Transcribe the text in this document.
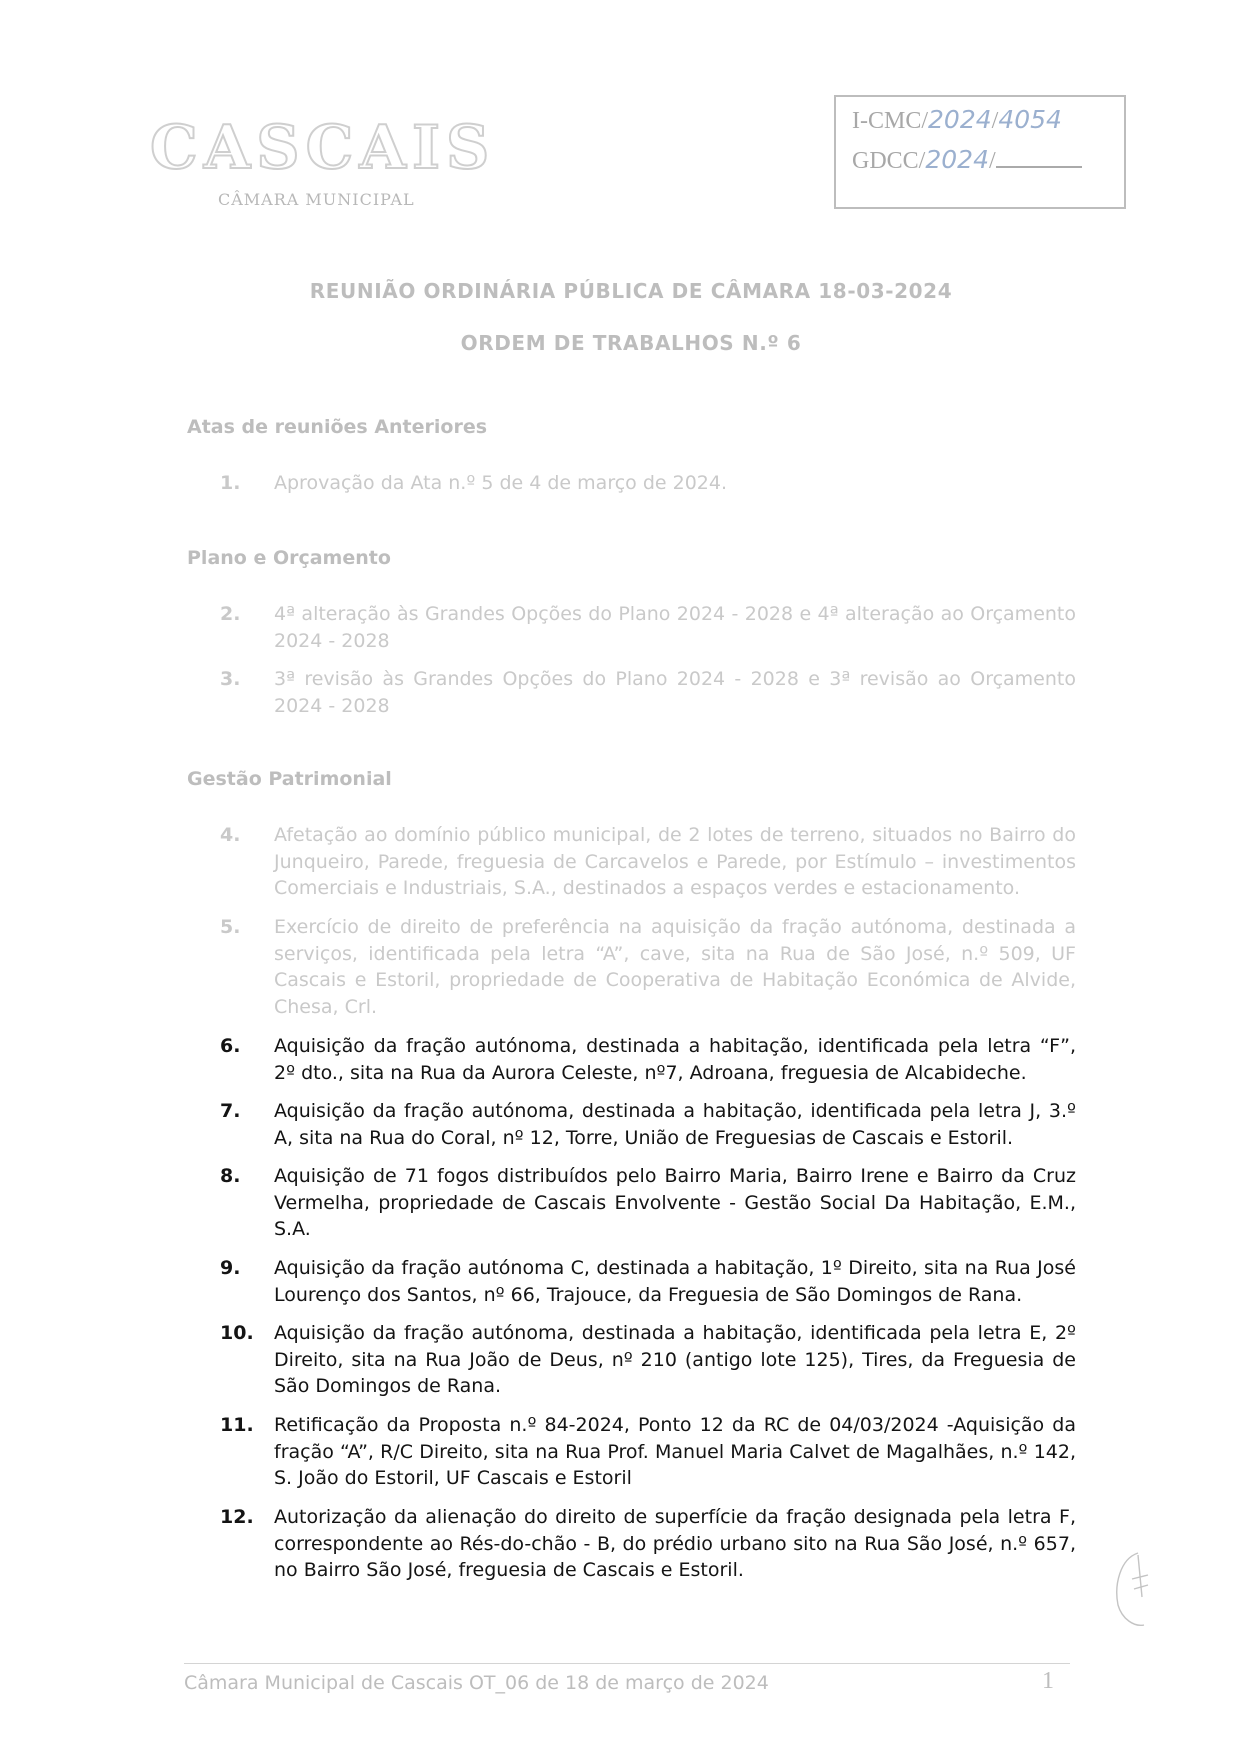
CASCAIS
CÂMARA MUNICIPAL
I-CMC/2024/4054
GDCC/2024/
REUNIÃO ORDINÁRIA PÚBLICA DE CÂMARA 18-03-2024
ORDEM DE TRABALHOS N.º 6
Atas de reuniões Anteriores
1.	Aprovação da Ata n.º 5 de 4 de março de 2024.
Plano e Orçamento
2.	4ª alteração às Grandes Opções do Plano 2024 - 2028 e 4ª alteração ao Orçamento 2024 - 2028
3.	3ª revisão às Grandes Opções do Plano 2024 - 2028 e 3ª revisão ao Orçamento 2024 - 2028
Gestão Patrimonial
4.	Afetação ao domínio público municipal, de 2 lotes de terreno, situados no Bairro do Junqueiro, Parede, freguesia de Carcavelos e Parede, por Estímulo – investimentos Comerciais e Industriais, S.A., destinados a espaços verdes e estacionamento.
5.	Exercício de direito de preferência na aquisição da fração autónoma, destinada a serviços, identificada pela letra “A”, cave, sita na Rua de São José, n.º 509, UF Cascais e Estoril, propriedade de Cooperativa de Habitação Económica de Alvide, Chesa, Crl.
6.	Aquisição da fração autónoma, destinada a habitação, identificada pela letra “F”, 2º dto., sita na Rua da Aurora Celeste, nº7, Adroana, freguesia de Alcabideche.
7.	Aquisição da fração autónoma, destinada a habitação, identificada pela letra J, 3.º A, sita na Rua do Coral, nº 12, Torre, União de Freguesias de Cascais e Estoril.
8.	Aquisição de 71 fogos distribuídos pelo Bairro Maria, Bairro Irene e Bairro da Cruz Vermelha, propriedade de Cascais Envolvente - Gestão Social Da Habitação, E.M., S.A.
9.	Aquisição da fração autónoma C, destinada a habitação, 1º Direito, sita na Rua José Lourenço dos Santos, nº 66, Trajouce, da Freguesia de São Domingos de Rana.
10.	Aquisição da fração autónoma, destinada a habitação, identificada pela letra E, 2º Direito, sita na Rua João de Deus, nº 210 (antigo lote 125), Tires, da Freguesia de São Domingos de Rana.
11.	Retificação da Proposta n.º 84-2024, Ponto 12 da RC de 04/03/2024 -Aquisição da fração “A”, R/C Direito, sita na Rua Prof. Manuel Maria Calvet de Magalhães, n.º 142, S. João do Estoril, UF Cascais e Estoril
12.	Autorização da alienação do direito de superfície da fração designada pela letra F, correspondente ao Rés-do-chão - B, do prédio urbano sito na Rua São José, n.º 657, no Bairro São José, freguesia de Cascais e Estoril.
Câmara Municipal de Cascais OT_06 de 18 de março de 2024	1
